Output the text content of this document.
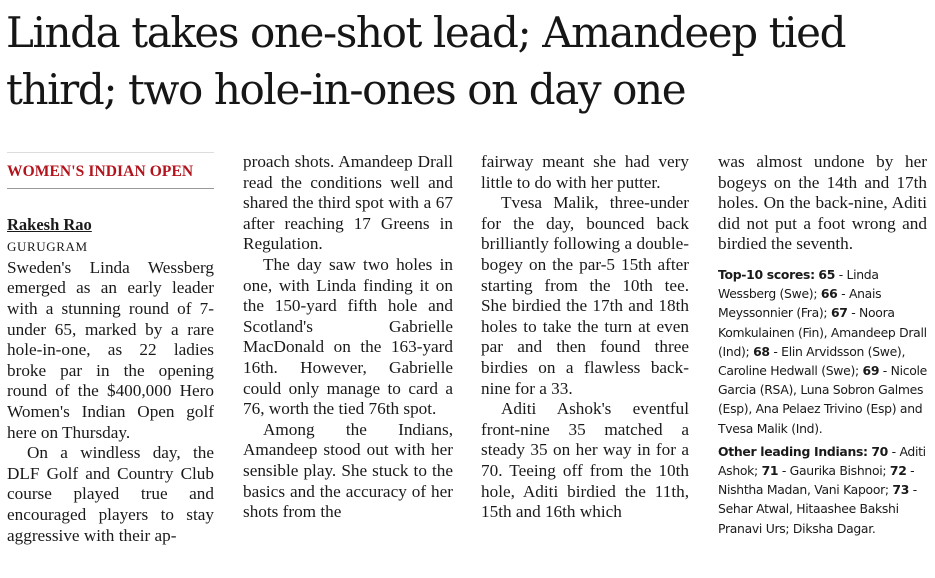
Linda takes one-shot lead; Amandeep tied third; two hole-in-ones on day one
WOMEN'S INDIAN OPEN
Rakesh Rao
GURUGRAM

Sweden's Linda Wessberg emerged as an early leader with a stunning round of 7-under 65, marked by a rare hole-in-one, as 22 ladies broke par in the opening round of the $400,000 Hero Women's Indian Open golf here on Thursday.

On a windless day, the DLF Golf and Country Club course played true and encouraged players to stay aggressive with their ap-

proach shots. Amandeep Drall read the conditions well and shared the third spot with a 67 after reaching 17 Greens in Regulation.

The day saw two holes in one, with Linda finding it on the 150-yard fifth hole and Scotland's Gabrielle MacDonald on the 163-yard 16th. However, Gabrielle could only manage to card a 76, worth the tied 76th spot.

Among the Indians, Amandeep stood out with her sensible play. She stuck to the basics and the accuracy of her shots from the

fairway meant she had very little to do with her putter.

Tvesa Malik, three-under for the day, bounced back brilliantly following a double-bogey on the par-5 15th after starting from the 10th tee. She birdied the 17th and 18th holes to take the turn at even par and then found three birdies on a flawless back-nine for a 33.

Aditi Ashok's eventful front-nine 35 matched a steady 35 on her way in for a 70. Teeing off from the 10th hole, Aditi birdied the 11th, 15th and 16th which

was almost undone by her bogeys on the 14th and 17th holes. On the back-nine, Aditi did not put a foot wrong and birdied the seventh.

Top-10 scores: 65 - Linda Wessberg (Swe); 66 - Anais Meyssonnier (Fra); 67 - Noora Komkulainen (Fin), Amandeep Drall (Ind); 68 - Elin Arvidsson (Swe), Caroline Hedwall (Swe); 69 - Nicole Garcia (RSA), Luna Sobron Galmes (Esp), Ana Pelaez Trivino (Esp) and Tvesa Malik (Ind).

Other leading Indians: 70 - Aditi Ashok; 71 - Gaurika Bishnoi; 72 - Nishtha Madan, Vani Kapoor; 73 - Sehar Atwal, Hitaashee Bakshi Pranavi Urs; Diksha Dagar.
